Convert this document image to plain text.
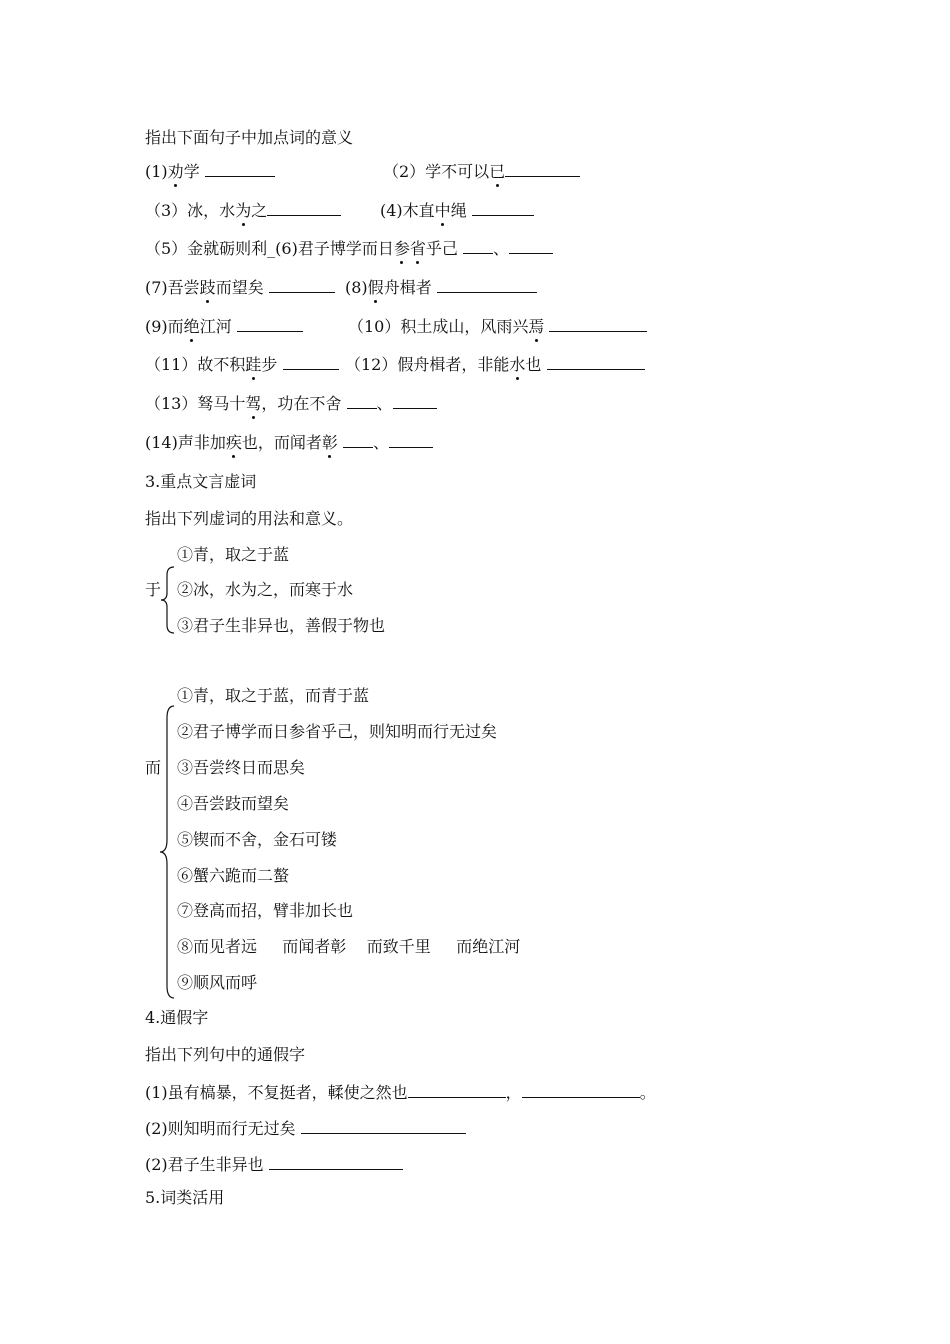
指出下面句子中加点词的意义
(1)劝学	（2）学不可以已
（3）冰，水为之	(4)木直中绳
（5）金就砺则利_(6)君子博学而日参省乎己 、
(7)吾尝跂而望矣	(8)假舟楫者
(9)而绝江河	（10）积土成山，风雨兴焉
（11）故不积跬步	（12）假舟楫者，非能水也
（13）驽马十驾，功在不舍 、
(14)声非加疾也，而闻者彰 、
3.重点文言虚词
指出下列虚词的用法和意义。
于
①青，取之于蓝
②冰，水为之，而寒于水
③君子生非异也，善假于物也
而
①青，取之于蓝，而青于蓝
②君子博学而日参省乎己，则知明而行无过矣
③吾尝终日而思矣
④吾尝跂而望矣
⑤锲而不舍，金石可镂
⑥蟹六跪而二螯
⑦登高而招，臂非加长也
⑧而见者远     而闻者彰    而致千里     而绝江河
⑨顺风而呼
4.通假字
指出下列句中的通假字
(1)虽有槁暴，不复挺者，輮使之然也	，	。
(2)则知明而行无过矣
(2)君子生非异也
5.词类活用
